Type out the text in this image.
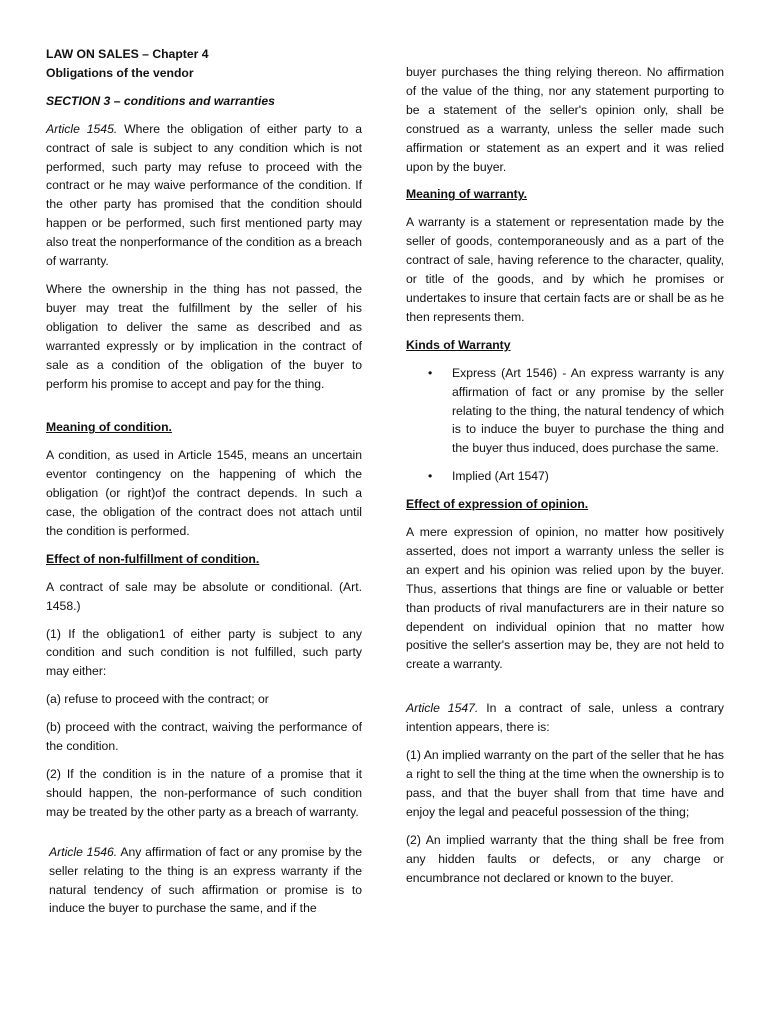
LAW ON SALES – Chapter 4

Obligations of the vendor

SECTION 3 – conditions and warranties

Article 1545. Where the obligation of either party to a contract of sale is subject to any condition which is not performed, such party may refuse to proceed with the contract or he may waive performance of the condition. If the other party has promised that the condition should happen or be performed, such first mentioned party may also treat the nonperformance of the condition as a breach of warranty.

Where the ownership in the thing has not passed, the buyer may treat the fulfillment by the seller of his obligation to deliver the same as described and as warranted expressly or by implication in the contract of sale as a condition of the obligation of the buyer to perform his promise to accept and pay for the thing.

Meaning of condition.

A condition, as used in Article 1545, means an uncertain eventor contingency on the happening of which the obligation (or right)of the contract depends. In such a case, the obligation of the contract does not attach until the condition is performed.

Effect of non-fulfillment of condition.

A contract of sale may be absolute or conditional. (Art. 1458.)

(1) If the obligation1 of either party is subject to any condition and such condition is not fulfilled, such party may either:

(a) refuse to proceed with the contract; or

(b) proceed with the contract, waiving the performance of the condition.

(2) If the condition is in the nature of a promise that it should happen, the non-performance of such condition may be treated by the other party as a breach of warranty.

Article 1546. Any affirmation of fact or any promise by the seller relating to the thing is an express warranty if the natural tendency of such affirmation or promise is to induce the buyer to purchase the same, and if the

buyer purchases the thing relying thereon. No affirmation of the value of the thing, nor any statement purporting to be a statement of the seller's opinion only, shall be construed as a warranty, unless the seller made such affirmation or statement as an expert and it was relied upon by the buyer.

Meaning of warranty.

A warranty is a statement or representation made by the seller of goods, contemporaneously and as a part of the contract of sale, having reference to the character, quality, or title of the goods, and by which he promises or undertakes to insure that certain facts are or shall be as he then represents them.

Kinds of Warranty

• Express (Art 1546) - An express warranty is any affirmation of fact or any promise by the seller relating to the thing, the natural tendency of which is to induce the buyer to purchase the thing and the buyer thus induced, does purchase the same.
• Implied (Art 1547)

Effect of expression of opinion.

A mere expression of opinion, no matter how positively asserted, does not import a warranty unless the seller is an expert and his opinion was relied upon by the buyer. Thus, assertions that things are fine or valuable or better than products of rival manufacturers are in their nature so dependent on individual opinion that no matter how positive the seller's assertion may be, they are not held to create a warranty.

Article 1547. In a contract of sale, unless a contrary intention appears, there is:

(1) An implied warranty on the part of the seller that he has a right to sell the thing at the time when the ownership is to pass, and that the buyer shall from that time have and enjoy the legal and peaceful possession of the thing;

(2) An implied warranty that the thing shall be free from any hidden faults or defects, or any charge or encumbrance not declared or known to the buyer.
